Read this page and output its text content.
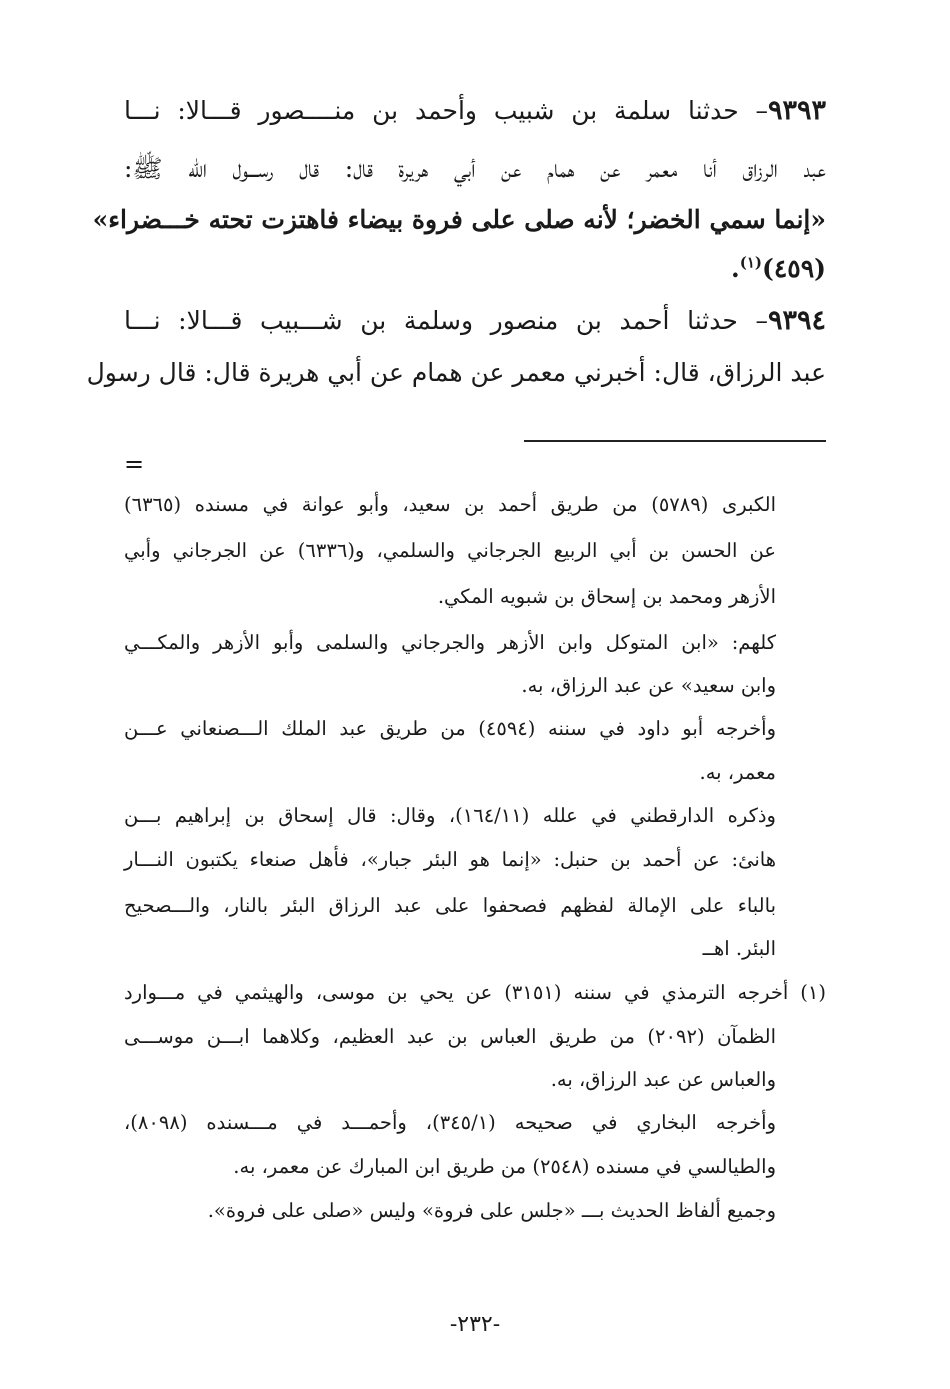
٩٣٩٣– حدثنا سلمة بن شبيب وأحمد بن منــــصور قـــالا: نـــا
عبد الرزاق أنا معمر عن همام عن أبي هريرة قال: قال رســـول الله ﷺ:
«إنما سمي الخضر؛ لأنه صلى على فروة بيضاء فاهتزت تحته خـــضراء»
(٤٥٩)$^{(١)}$.
٩٣٩٤– حدثنا أحمد بن منصور وسلمة بن شـــبيب قـــالا: نـــا
عبد الرزاق، قال: أخبرني معمر عن همام عن أبي هريرة قال: قال رسول
=
الكبرى (٥٧٨٩) من طريق أحمد بن سعيد، وأبو عوانة في مسنده (٦٣٦٥)
عن الحسن بن أبي الربيع الجرجاني والسلمي، و(٦٣٣٦) عن الجرجاني وأبي
الأزهر ومحمد بن إسحاق بن شبويه المكي.
كلهم: «ابن المتوكل وابن الأزهر والجرجاني والسلمى وأبو الأزهر والمكـــي
وابن سعيد» عن عبد الرزاق، به.
وأخرجه أبو داود في سننه (٤٥٩٤) من طريق عبد الملك الـــصنعاني عـــن
معمر، به.
وذكره الدارقطني في علله (١٦٤/١١)، وقال: قال إسحاق بن إبراهيم بـــن
هانئ: عن أحمد بن حنبل: «إنما هو البئر جبار»، فأهل صنعاء يكتبون النـــار
بالباء على الإمالة لفظهم فصحفوا على عبد الرزاق البئر بالنار، والـــصحيح
البئر. اهــ
(١) أخرجه الترمذي في سننه (٣١٥١) عن يحي بن موسى، والهيثمي في مـــوارد
الظمآن (٢٠٩٢) من طريق العباس بن عبد العظيم، وكلاهما ابـــن موســـى
والعباس عن عبد الرزاق، به.
وأخرجه البخاري في صحيحه (٣٤٥/١)، وأحمـــد في مـــسنده (٨٠٩٨)،
والطيالسي في مسنده (٢٥٤٨) من طريق ابن المبارك عن معمر، به.
وجميع ألفاظ الحديث بـــ «جلس على فروة» وليس «صلى على فروة».
-٢٣٢-
